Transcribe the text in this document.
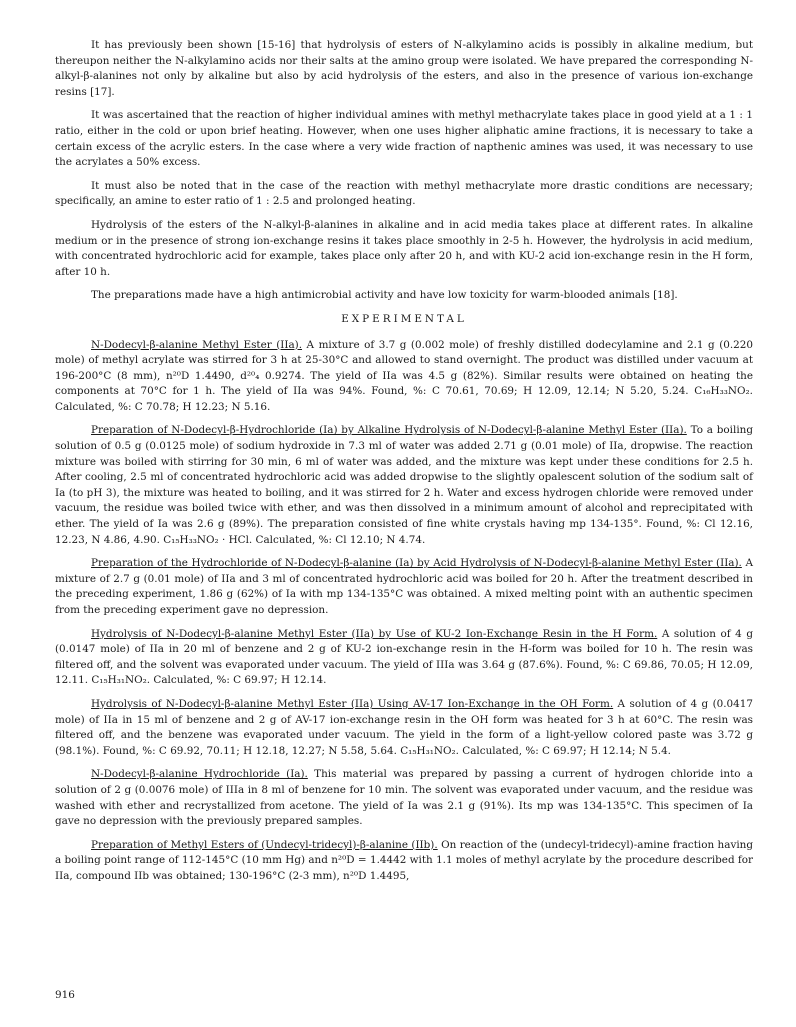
It has previously been shown [15-16] that hydrolysis of esters of N-alkylamino acids is possibly in alkaline medium, but thereupon neither the N-alkylamino acids nor their salts at the amino group were isolated. We have prepared the corresponding N-alkyl-β-alanines not only by alkaline but also by acid hydrolysis of the esters, and also in the presence of various ion-exchange resins [17].

It was ascertained that the reaction of higher individual amines with methyl methacrylate takes place in good yield at a 1 : 1 ratio, either in the cold or upon brief heating. However, when one uses higher aliphatic amine fractions, it is necessary to take a certain excess of the acrylic esters. In the case where a very wide fraction of napthenic amines was used, it was necessary to use the acrylates a 50% excess.

It must also be noted that in the case of the reaction with methyl methacrylate more drastic conditions are necessary; specifically, an amine to ester ratio of 1 : 2.5 and prolonged heating.

Hydrolysis of the esters of the N-alkyl-β-alanines in alkaline and in acid media takes place at different rates. In alkaline medium or in the presence of strong ion-exchange resins it takes place smoothly in 2-5 h. However, the hydrolysis in acid medium, with concentrated hydrochloric acid for example, takes place only after 20 h, and with KU-2 acid ion-exchange resin in the H form, after 10 h.

The preparations made have a high antimicrobial activity and have low toxicity for warm-blooded animals [18].

EXPERIMENTAL

N-Dodecyl-β-alanine Methyl Ester (IIa). A mixture of 3.7 g (0.002 mole) of freshly distilled dodecylamine and 2.1 g (0.220 mole) of methyl acrylate was stirred for 3 h at 25-30°C and allowed to stand overnight. The product was distilled under vacuum at 196-200°C (8 mm), n²⁰D 1.4490, d²⁰₄ 0.9274. The yield of IIa was 4.5 g (82%). Similar results were obtained on heating the components at 70°C for 1 h. The yield of IIa was 94%. Found, %: C 70.61, 70.69; H 12.09, 12.14; N 5.20, 5.24. C₁₆H₃₃NO₂. Calculated, %: C 70.78; H 12.23; N 5.16.

Preparation of N-Dodecyl-β-Hydrochloride (Ia) by Alkaline Hydrolysis of N-Dodecyl-β-alanine Methyl Ester (IIa). To a boiling solution of 0.5 g (0.0125 mole) of sodium hydroxide in 7.3 ml of water was added 2.71 g (0.01 mole) of IIa, dropwise. The reaction mixture was boiled with stirring for 30 min, 6 ml of water was added, and the mixture was kept under these conditions for 2.5 h. After cooling, 2.5 ml of concentrated hydrochloric acid was added dropwise to the slightly opalescent solution of the sodium salt of Ia (to pH 3), the mixture was heated to boiling, and it was stirred for 2 h. Water and excess hydrogen chloride were removed under vacuum, the residue was boiled twice with ether, and was then dissolved in a minimum amount of alcohol and reprecipitated with ether. The yield of Ia was 2.6 g (89%). The preparation consisted of fine white crystals having mp 134-135°. Found, %: Cl 12.16, 12.23, N 4.86, 4.90. C₁₅H₃₃NO₂ · HCl. Calculated, %: Cl 12.10; N 4.74.

Preparation of the Hydrochloride of N-Dodecyl-β-alanine (Ia) by Acid Hydrolysis of N-Dodecyl-β-alanine Methyl Ester (IIa). A mixture of 2.7 g (0.01 mole) of IIa and 3 ml of concentrated hydrochloric acid was boiled for 20 h. After the treatment described in the preceding experiment, 1.86 g (62%) of Ia with mp 134-135°C was obtained. A mixed melting point with an authentic specimen from the preceding experiment gave no depression.

Hydrolysis of N-Dodecyl-β-alanine Methyl Ester (IIa) by Use of KU-2 Ion-Exchange Resin in the H Form. A solution of 4 g (0.0147 mole) of IIa in 20 ml of benzene and 2 g of KU-2 ion-exchange resin in the H-form was boiled for 10 h. The resin was filtered off, and the solvent was evaporated under vacuum. The yield of IIIa was 3.64 g (87.6%). Found, %: C 69.86, 70.05; H 12.09, 12.11. C₁₅H₃₁NO₂. Calculated, %: C 69.97; H 12.14.

Hydrolysis of N-Dodecyl-β-alanine Methyl Ester (IIa) Using AV-17 Ion-Exchange in the OH Form. A solution of 4 g (0.0417 mole) of IIa in 15 ml of benzene and 2 g of AV-17 ion-exchange resin in the OH form was heated for 3 h at 60°C. The resin was filtered off, and the benzene was evaporated under vacuum. The yield in the form of a light-yellow colored paste was 3.72 g (98.1%). Found, %: C 69.92, 70.11; H 12.18, 12.27; N 5.58, 5.64. C₁₅H₃₁NO₂. Calculated, %: C 69.97; H 12.14; N 5.4.

N-Dodecyl-β-alanine Hydrochloride (Ia). This material was prepared by passing a current of hydrogen chloride into a solution of 2 g (0.0076 mole) of IIIa in 8 ml of benzene for 10 min. The solvent was evaporated under vacuum, and the residue was washed with ether and recrystallized from acetone. The yield of Ia was 2.1 g (91%). Its mp was 134-135°C. This specimen of Ia gave no depression with the previously prepared samples.

Preparation of Methyl Esters of (Undecyl-tridecyl)-β-alanine (IIb). On reaction of the (undecyl-tridecyl)-amine fraction having a boiling point range of 112-145°C (10 mm Hg) and n²⁰D = 1.4442 with 1.1 moles of methyl acrylate by the procedure described for IIa, compound IIb was obtained; 130-196°C (2-3 mm), n²⁰D 1.4495,

916
